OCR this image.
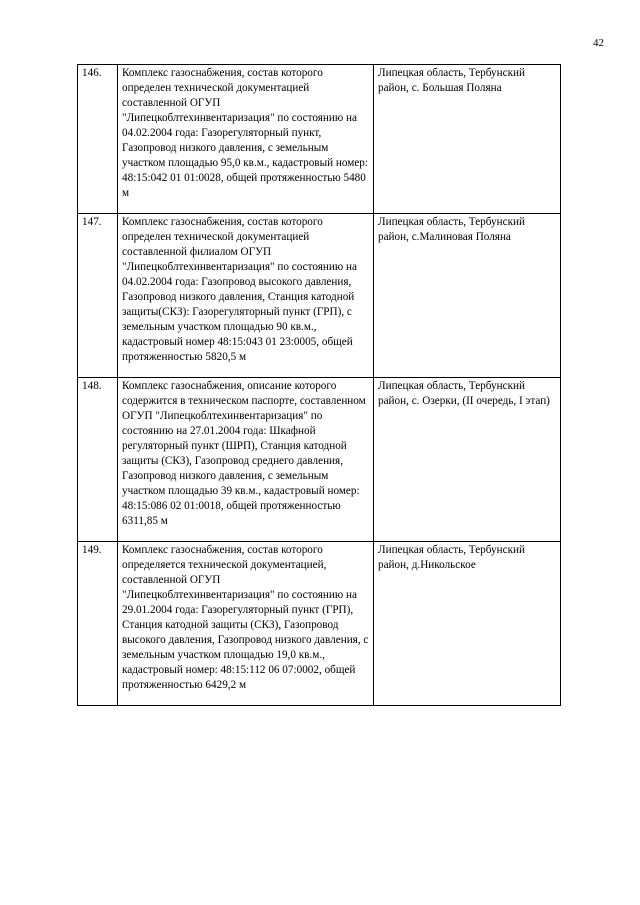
42
146.	Комплекс газоснабжения, состав которого определен технической документацией составленной ОГУП "Липецкоблтехинвентаризация" по состоянию на 04.02.2004 года: Газорегуляторный пункт, Газопровод низкого давления, с земельным участком площадью 95,0 кв.м., кадастровый номер: 48:15:042 01 01:0028, общей протяженностью 5480 м	Липецкая область, Тербунский район, с. Большая Поляна

147.	Комплекс газоснабжения, состав которого определен технической документацией составленной филиалом ОГУП "Липецкоблтехинвентаризация" по состоянию на 04.02.2004 года: Газопровод высокого давления, Газопровод низкого давления, Станция катодной защиты(СКЗ): Газорегуляторный пункт (ГРП), с земельным участком площадью 90 кв.м., кадастровый номер 48:15:043 01 23:0005, общей протяженностью 5820,5 м	Липецкая область, Тербунский район, с.Малиновая Поляна

148.	Комплекс газоснабжения, описание которого содержится в техническом паспорте, составленном ОГУП "Липецкоблтехинвентаризация" по состоянию на 27.01.2004 года: Шкафной регуляторный пункт (ШРП), Станция катодной защиты (СКЗ), Газопровод среднего давления, Газопровод низкого давления, с земельным участком площадью 39 кв.м., кадастровый номер: 48:15:086 02 01:0018, общей протяженностью 6311,85 м	Липецкая область, Тербунский район, с. Озерки, (II очередь, I этап)

149.	Комплекс газоснабжения, состав которого определяется технической документацией, составленной ОГУП "Липецкоблтехинвентаризация" по состоянию на 29.01.2004 года: Газорегуляторный пункт (ГРП), Станция катодной защиты (СКЗ), Газопровод высокого давления, Газопровод низкого давления, с земельным участком площадью 19,0 кв.м., кадастровый номер: 48:15:112 06 07:0002, общей протяженностью 6429,2 м	Липецкая область, Тербунский район, д.Никольское
